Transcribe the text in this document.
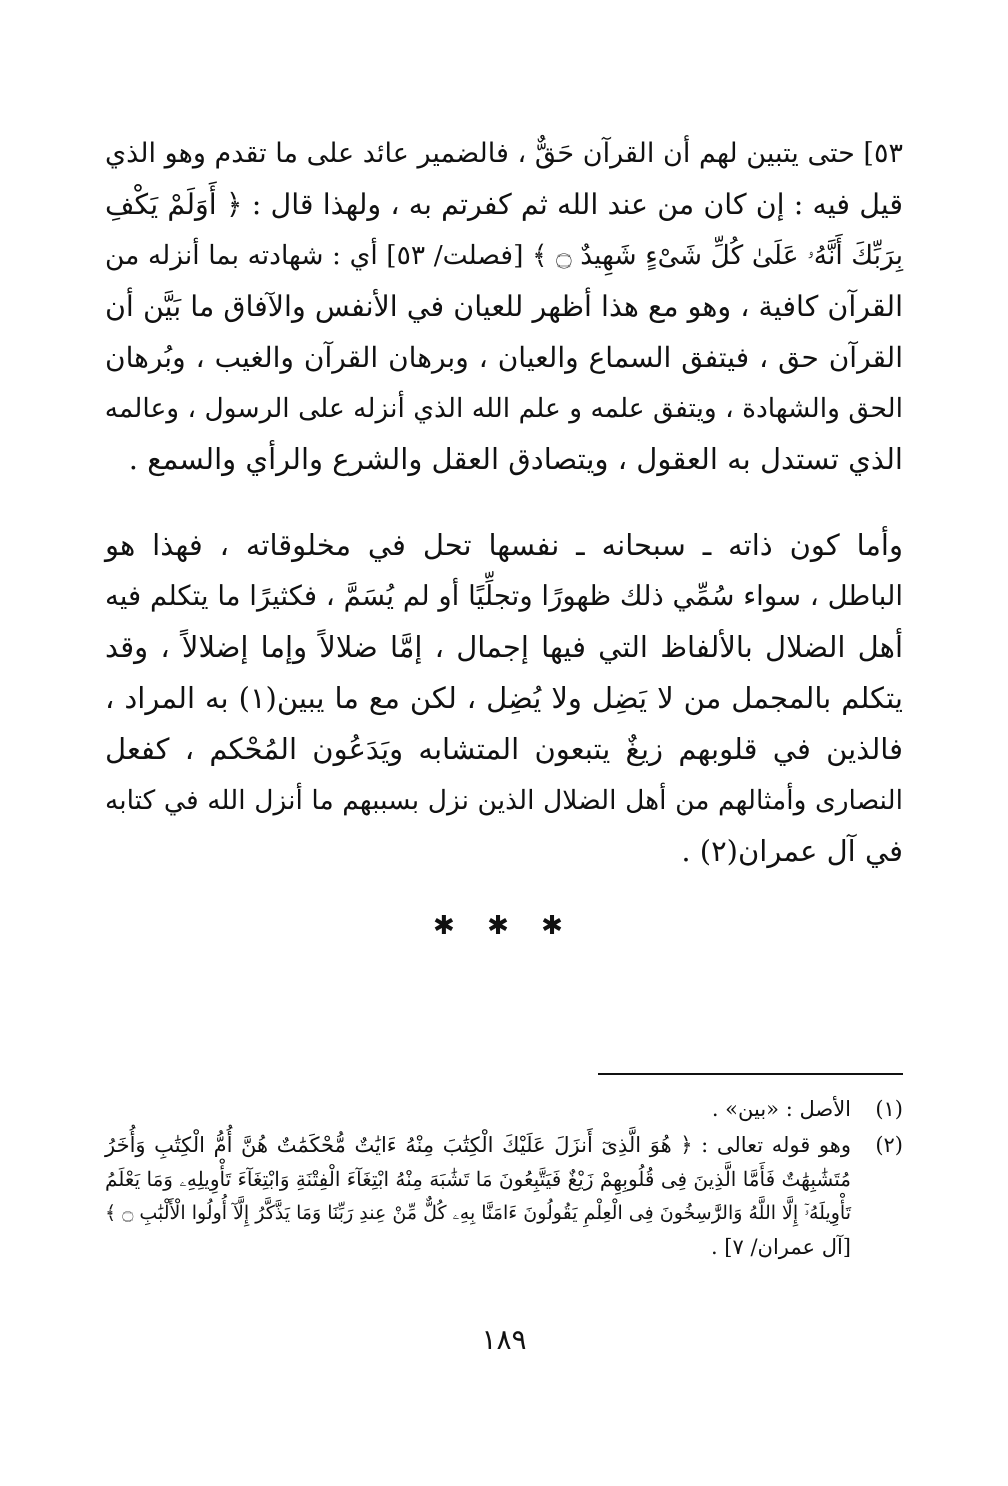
٥٣] حتى يتبين لهم أن القرآن حَقٌّ ، فالضمير عائد على ما تقدم وهو الذي
قيل فيه : إن كان من عند الله ثم كفرتم به ، ولهذا قال : ﴿ أَوَلَمْ يَكْفِ
بِرَبِّكَ أَنَّهُۥ عَلَىٰ كُلِّ شَىْءٍ شَهِيدٌ ۝ ﴾ [فصلت/ ٥٣] أي : شهادته بما أنزله من
القرآن كافية ، وهو مع هذا أظهر للعيان في الأنفس والآفاق ما بَيَّن أن
القرآن حق ، فيتفق السماع والعيان ، وبرهان القرآن والغيب ، وبُرهان
الحق والشهادة ، ويتفق علمه و علم الله الذي أنزله على الرسول ، وعالمه
الذي تستدل به العقول ، ويتصادق العقل والشرع والرأي والسمع .
وأما كون ذاته ـ سبحانه ـ نفسها تحل في مخلوقاته ، فهذا هو
الباطل ، سواء سُمِّي ذلك ظهورًا وتجلِّيًا أو لم يُسَمَّ ، فكثيرًا ما يتكلم فيه
أهل الضلال بالألفاظ التي فيها إجمال ، إمَّا ضلالاً وإما إضلالاً ، وقد
يتكلم بالمجمل من لا يَضِل ولا يُضِل ، لكن مع ما يبين(١) به المراد ،
فالذين في قلوبهم زيغٌ يتبعون المتشابه ويَدَعُون المُحْكم ، كفعل
النصارى وأمثالهم من أهل الضلال الذين نزل بسببهم ما أنزل الله في كتابه
في آل عمران(٢) .
✱ ✱ ✱
(١)
الأصل : «بين» .
(٢)
وهو قوله تعالى : ﴿ هُوَ الَّذِىٓ أَنزَلَ عَلَيْكَ الْكِتَٰبَ مِنْهُ ءَايَٰتٌ مُّحْكَمَٰتٌ هُنَّ أُمُّ الْكِتَٰبِ وَأُخَرُ
مُتَشَٰبِهَٰتٌ فَأَمَّا الَّذِينَ فِى قُلُوبِهِمْ زَيْغٌ فَيَتَّبِعُونَ مَا تَشَٰبَهَ مِنْهُ ابْتِغَآءَ الْفِتْنَةِ وَابْتِغَآءَ تَأْوِيلِهِۦ وَمَا يَعْلَمُ
تَأْوِيلَهُۥٓ إِلَّا اللَّهُ وَالرَّٰسِخُونَ فِى الْعِلْمِ يَقُولُونَ ءَامَنَّا بِهِۦ كُلٌّ مِّنْ عِندِ رَبِّنَا وَمَا يَذَّكَّرُ إِلَّآ أُولُوا الْأَلْبَٰبِ ۝ ﴾
[آل عمران/ ٧] .
١٨٩
